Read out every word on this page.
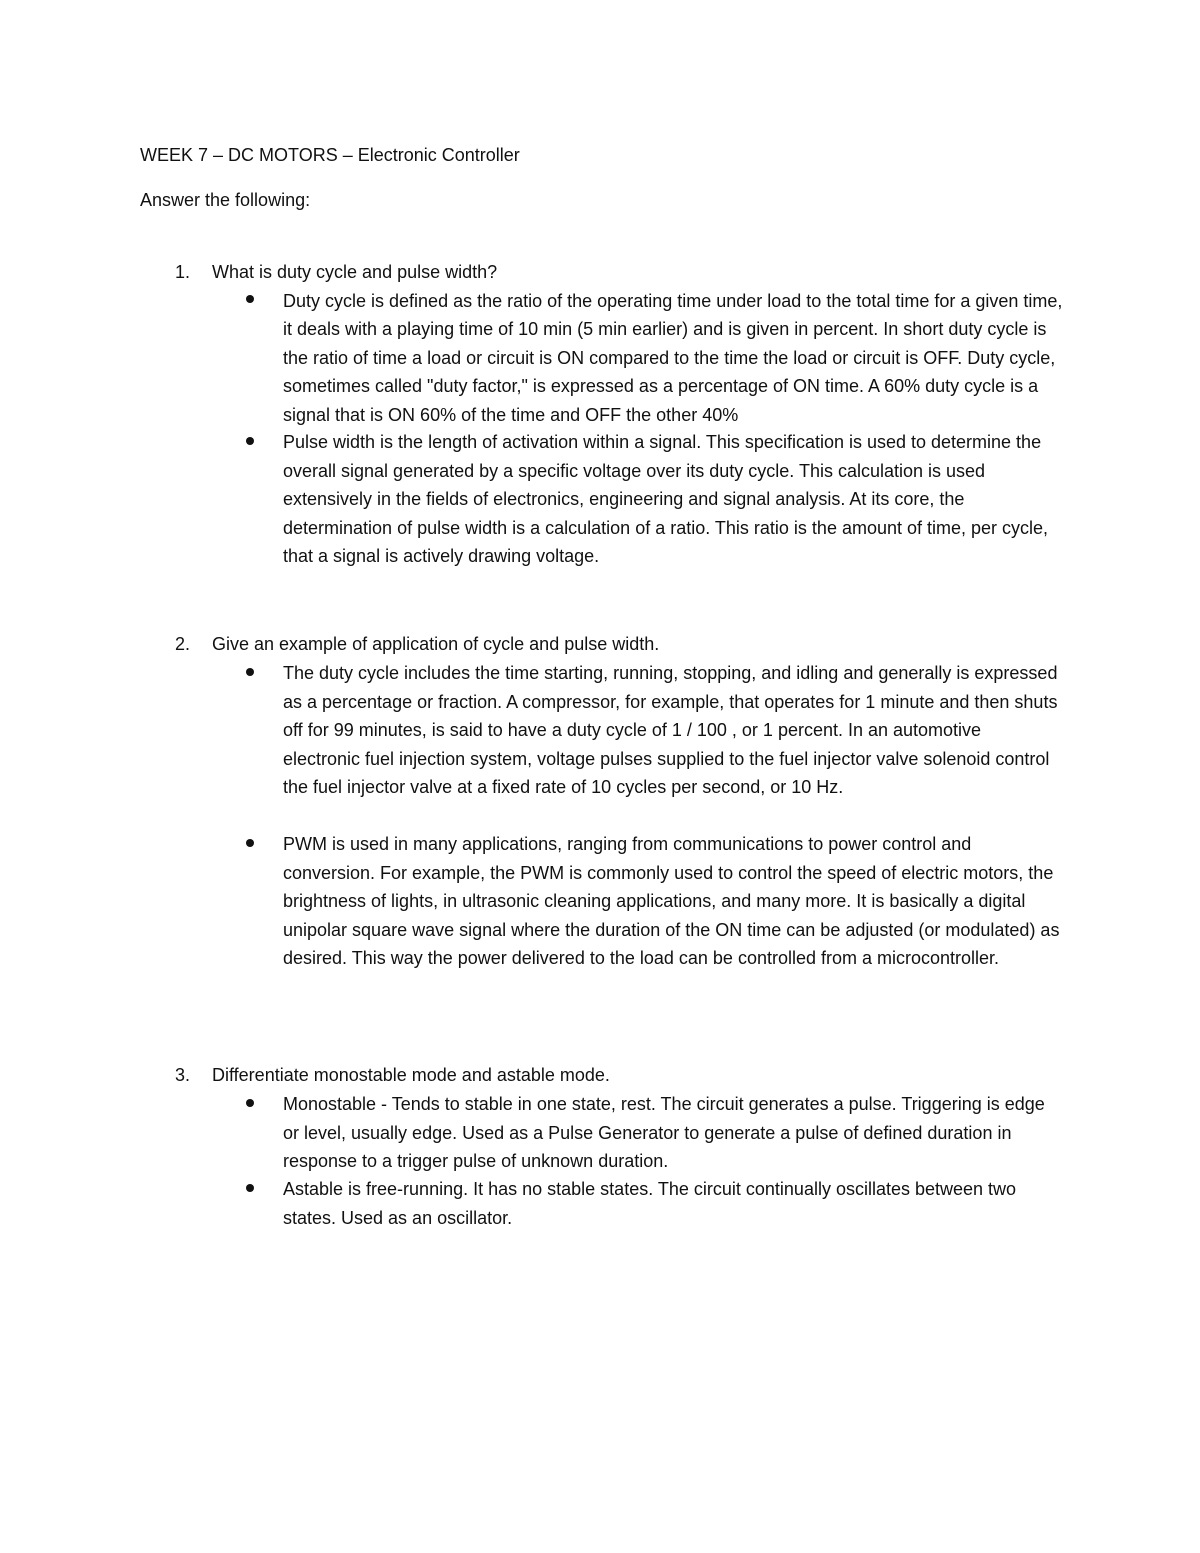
WEEK 7 – DC MOTORS – Electronic Controller
Answer the following:
1. What is duty cycle and pulse width?
Duty cycle is defined as the ratio of the operating time under load to the total time for a given time, it deals with a playing time of 10 min (5 min earlier) and is given in percent. In short duty cycle is the ratio of time a load or circuit is ON compared to the time the load or circuit is OFF. Duty cycle, sometimes called "duty factor," is expressed as a percentage of ON time. A 60% duty cycle is a signal that is ON 60% of the time and OFF the other 40%
Pulse width is the length of activation within a signal. This specification is used to determine the overall signal generated by a specific voltage over its duty cycle. This calculation is used extensively in the fields of electronics, engineering and signal analysis. At its core, the determination of pulse width is a calculation of a ratio. This ratio is the amount of time, per cycle, that a signal is actively drawing voltage.
2. Give an example of application of cycle and pulse width.
The duty cycle includes the time starting, running, stopping, and idling and generally is expressed as a percentage or fraction. A compressor, for example, that operates for 1 minute and then shuts off for 99 minutes, is said to have a duty cycle of 1 / 100 , or 1 percent. In an automotive electronic fuel injection system, voltage pulses supplied to the fuel injector valve solenoid control the fuel injector valve at a fixed rate of 10 cycles per second, or 10 Hz.
PWM is used in many applications, ranging from communications to power control and conversion. For example, the PWM is commonly used to control the speed of electric motors, the brightness of lights, in ultrasonic cleaning applications, and many more. It is basically a digital unipolar square wave signal where the duration of the ON time can be adjusted (or modulated) as desired. This way the power delivered to the load can be controlled from a microcontroller.
3. Differentiate monostable mode and astable mode.
Monostable - Tends to stable in one state, rest. The circuit generates a pulse. Triggering is edge or level, usually edge. Used as a Pulse Generator to generate a pulse of defined duration in response to a trigger pulse of unknown duration.
Astable is free-running. It has no stable states. The circuit continually oscillates between two states. Used as an oscillator.
